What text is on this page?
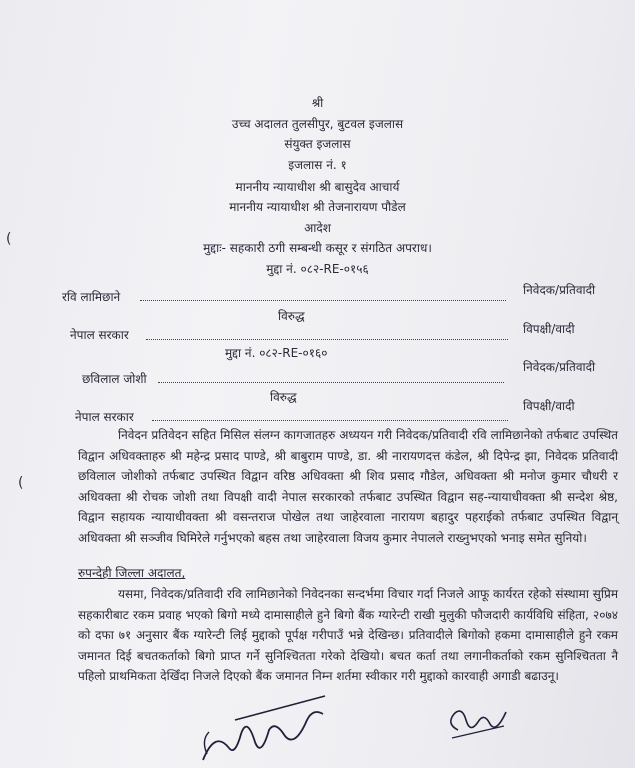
श्री
उच्च अदालत तुलसीपुर, बुटवल इजलास
संयुक्त इजलास
इजलास नं. १
माननीय न्यायाधीश श्री बासुदेव आचार्य
माननीय न्यायाधीश श्री तेजनारायण पौडेल
आदेश
मुद्दाः- सहकारी ठगी सम्बन्धी कसूर र संगठित अपराध।
मुद्दा नं. ०८२-RE-०१५६
रवि लामिछाने	निवेदक/प्रतिवादी
विरुद्ध
नेपाल सरकार	विपक्षी/वादी
मुद्दा नं. ०८२-RE-०१६०
छविलाल जोशी
निवेदक/प्रतिवादी
विरुद्ध
नेपाल सरकार
विपक्षी/वादी

निवेदन प्रतिवेदन सहित मिसिल संलग्न कागजातहरु अध्ययन गरी निवेदक/प्रतिवादी रवि लामिछानेको तर्फबाट उपस्थित विद्वान अधिवक्ताहरु श्री महेन्द्र प्रसाद पाण्डे, श्री बाबुराम पाण्डे, डा. श्री नारायणदत्त कंडेल, श्री दिपेन्द्र झा, निवेदक प्रतिवादी छविलाल जोशीको तर्फबाट उपस्थित विद्वान वरिष्ठ अधिवक्ता श्री शिव प्रसाद गौडेल, अधिवक्ता श्री मनोज कुमार चौधरी र अधिवक्ता श्री रोचक जोशी तथा विपक्षी वादी नेपाल सरकारको तर्फबाट उपस्थित विद्वान सह-न्यायाधीवक्ता श्री सन्देश श्रेष्ठ, विद्वान सहायक न्यायाधीवक्ता श्री वसन्तराज पोखेल तथा जाहेरवाला नारायण बहादुर पहराईको तर्फबाट उपस्थित विद्वान् अधिवक्ता श्री सञ्जीव घिमिरेले गर्नुभएको बहस तथा जाहेरवाला विजय कुमार नेपालले राख्नुभएको भनाइ समेत सुनियो।

रुपन्देही जिल्ला अदालत,

यसमा, निवेदक/प्रतिवादी रवि लामिछानेको निवेदनका सन्दर्भमा विचार गर्दा निजले आफू कार्यरत रहेको संस्थामा सुप्रिम सहकारीबाट रकम प्रवाह भएको बिगो मध्ये दामासाहीले हुने बिगो बैंक ग्यारेन्टी राखी मुलुकी फौजदारी कार्यविधि संहिता, २०७४ को दफा ७१ अनुसार बैंक ग्यारेन्टी लिई मुद्दाको पूर्पक्ष गरीपाउँ भन्ने देखिन्छ। प्रतिवादीले बिगोको हकमा दामासाहीले हुने रकम जमानत दिई बचतकर्ताको बिगो प्राप्त गर्ने सुनिश्चितता गरेको देखियो। बचत कर्ता तथा लगानीकर्ताको रकम सुनिश्चितता नै पहिलो प्राथमिकता देखिँदा निजले दिएको बैंक जमानत निम्न शर्तमा स्वीकार गरी मुद्दाको कारवाही अगाडी बढाउनू।

(
(
